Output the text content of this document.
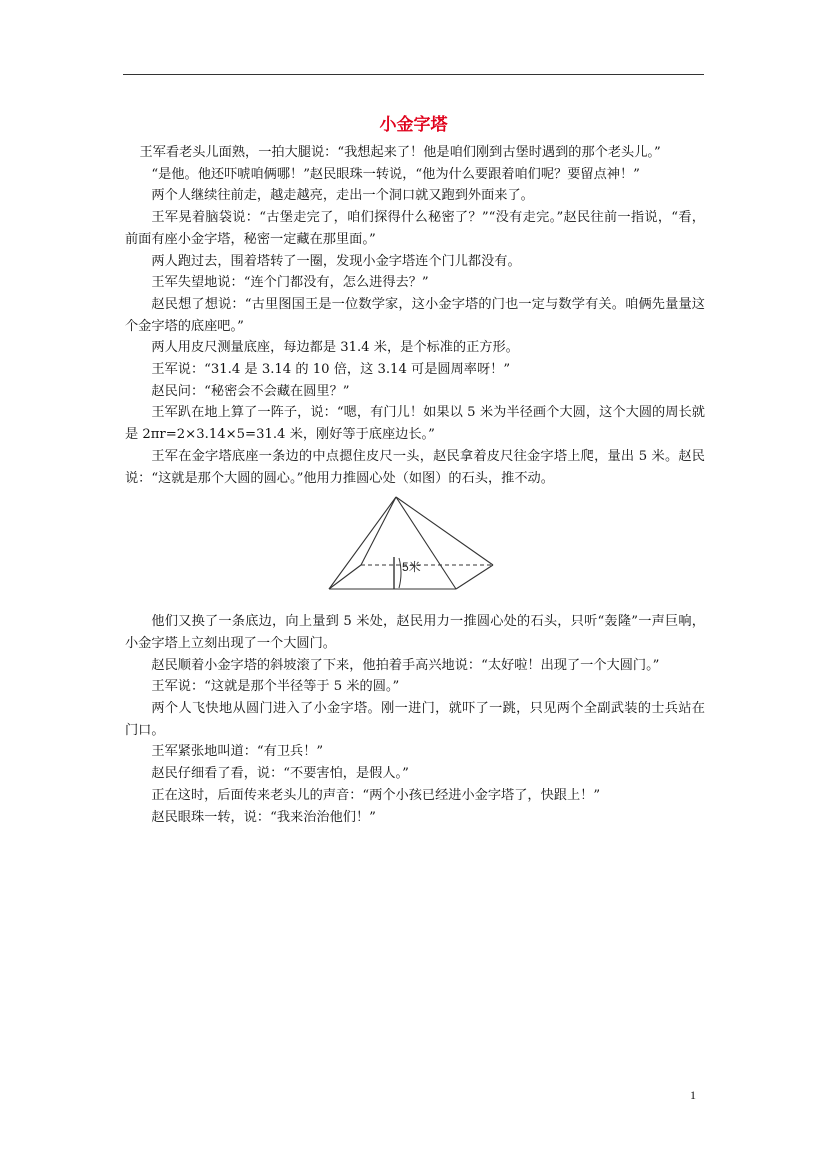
小金字塔

王军看老头儿面熟，一拍大腿说：“我想起来了！他是咱们刚到古堡时遇到的那个老头儿。”

“是他。他还吓唬咱俩哪！”赵民眼珠一转说，“他为什么要跟着咱们呢？要留点神！”

两个人继续往前走，越走越亮，走出一个洞口就又跑到外面来了。

王军晃着脑袋说：“古堡走完了，咱们探得什么秘密了？”“没有走完。”赵民往前一指说，“看，前面有座小金字塔，秘密一定藏在那里面。”

两人跑过去，围着塔转了一圈，发现小金字塔连个门儿都没有。

王军失望地说：“连个门都没有，怎么进得去？”

赵民想了想说：“古里图国王是一位数学家，这小金字塔的门也一定与数学有关。咱俩先量量这个金字塔的底座吧。”

两人用皮尺测量底座，每边都是 31.4 米，是个标准的正方形。

王军说：“31.4 是 3.14 的 10 倍，这 3.14 可是圆周率呀！”

赵民问：“秘密会不会藏在圆里？”

王军趴在地上算了一阵子，说：“嗯，有门儿！如果以 5 米为半径画个大圆，这个大圆的周长就是 2πr=2×3.14×5=31.4 米，刚好等于底座边长。”

王军在金字塔底座一条边的中点摁住皮尺一头，赵民拿着皮尺往金字塔上爬，量出 5 米。赵民说：“这就是那个大圆的圆心。”他用力推圆心处（如图）的石头，推不动。

5米

他们又换了一条底边，向上量到 5 米处，赵民用力一推圆心处的石头，只听“轰隆”一声巨响，小金字塔上立刻出现了一个大圆门。

赵民顺着小金字塔的斜坡滚了下来，他拍着手高兴地说：“太好啦！出现了一个大圆门。”

王军说：“这就是那个半径等于 5 米的圆。”

两个人飞快地从圆门进入了小金字塔。刚一进门，就吓了一跳，只见两个全副武装的士兵站在门口。

王军紧张地叫道：“有卫兵！”

赵民仔细看了看，说：“不要害怕，是假人。”

正在这时，后面传来老头儿的声音：“两个小孩已经进小金字塔了，快跟上！”

赵民眼珠一转，说：“我来治治他们！”

1
